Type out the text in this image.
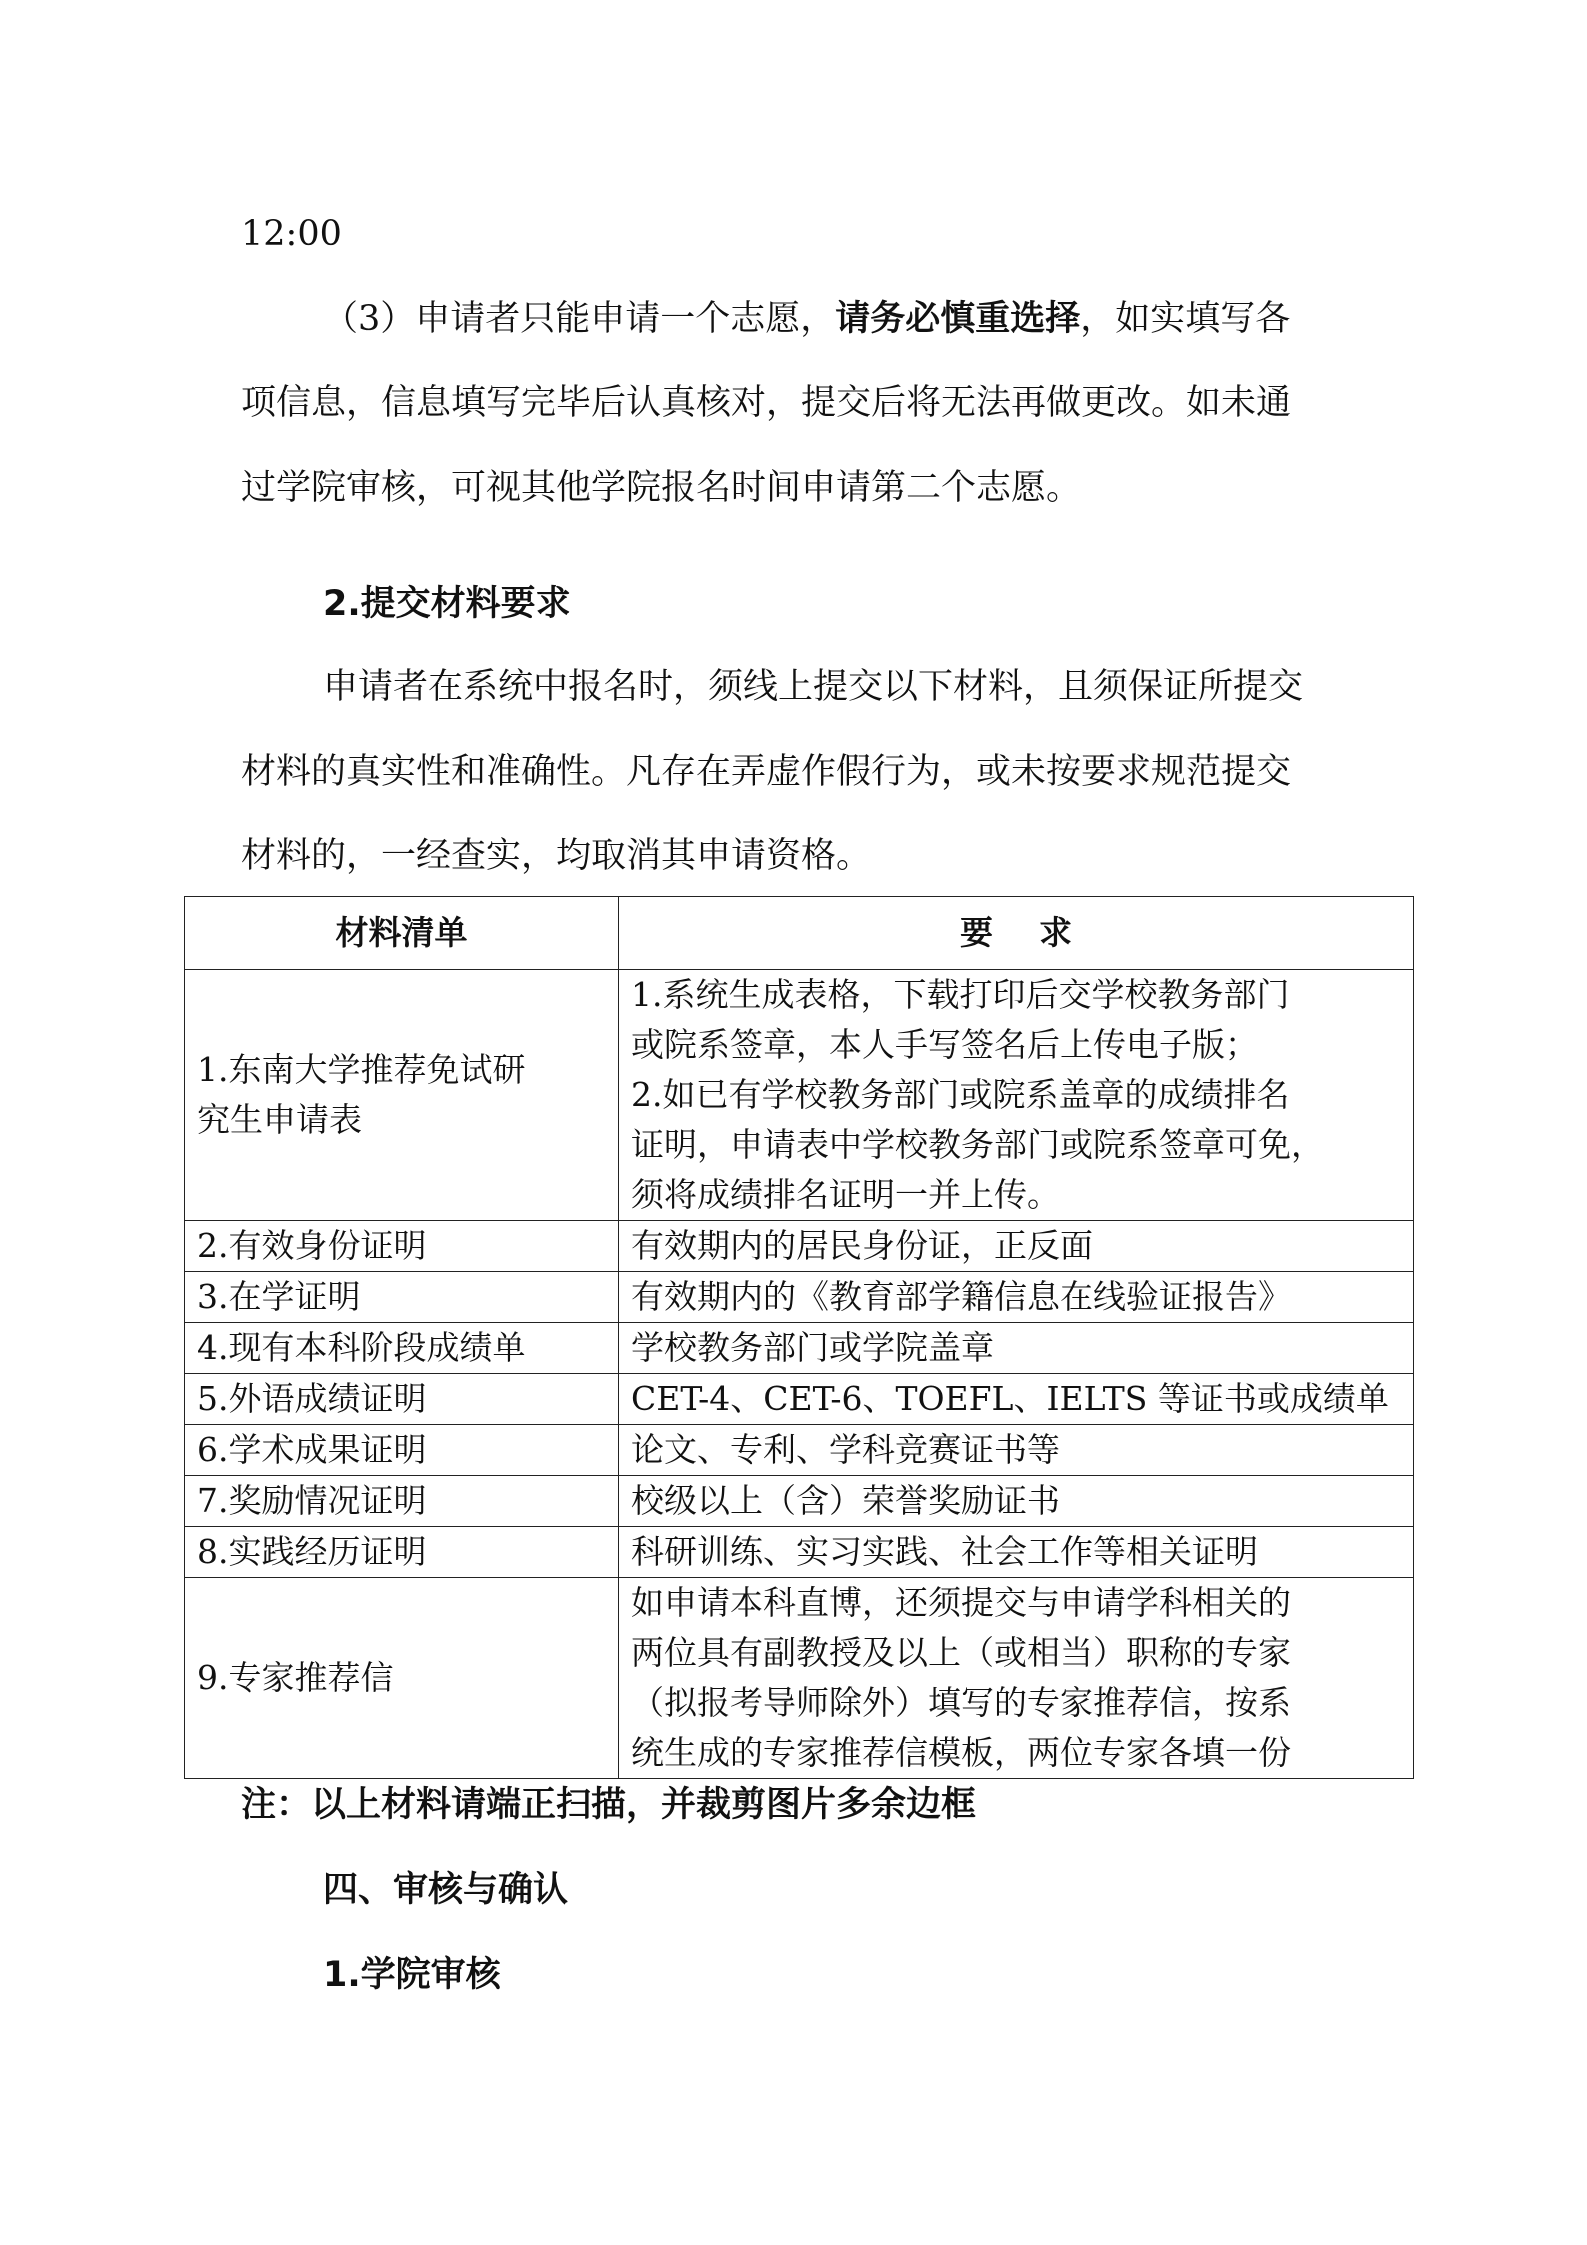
12:00

（3）申请者只能申请一个志愿，请务必慎重选择，如实填写各

项信息，信息填写完毕后认真核对，提交后将无法再做更改。如未通

过学院审核，可视其他学院报名时间申请第二个志愿。

2.提交材料要求

申请者在系统中报名时，须线上提交以下材料，且须保证所提交

材料的真实性和准确性。凡存在弄虚作假行为，或未按要求规范提交

材料的，一经查实，均取消其申请资格。

材料清单	要    求

1.东南大学推荐免试研
究生申请表	1.系统生成表格，下载打印后交学校教务部门
或院系签章，本人手写签名后上传电子版；
2.如已有学校教务部门或院系盖章的成绩排名
证明，申请表中学校教务部门或院系签章可免，
须将成绩排名证明一并上传。

2.有效身份证明	有效期内的居民身份证，正反面
3.在学证明	有效期内的《教育部学籍信息在线验证报告》
4.现有本科阶段成绩单	学校教务部门或学院盖章
5.外语成绩证明	CET-4、CET-6、TOEFL、IELTS 等证书或成绩单
6.学术成果证明	论文、专利、学科竞赛证书等
7.奖励情况证明	校级以上（含）荣誉奖励证书
8.实践经历证明	科研训练、实习实践、社会工作等相关证明
9.专家推荐信	如申请本科直博，还须提交与申请学科相关的
两位具有副教授及以上（或相当）职称的专家
（拟报考导师除外）填写的专家推荐信，按系
统生成的专家推荐信模板，两位专家各填一份

注：以上材料请端正扫描，并裁剪图片多余边框

四、审核与确认

1.学院审核
